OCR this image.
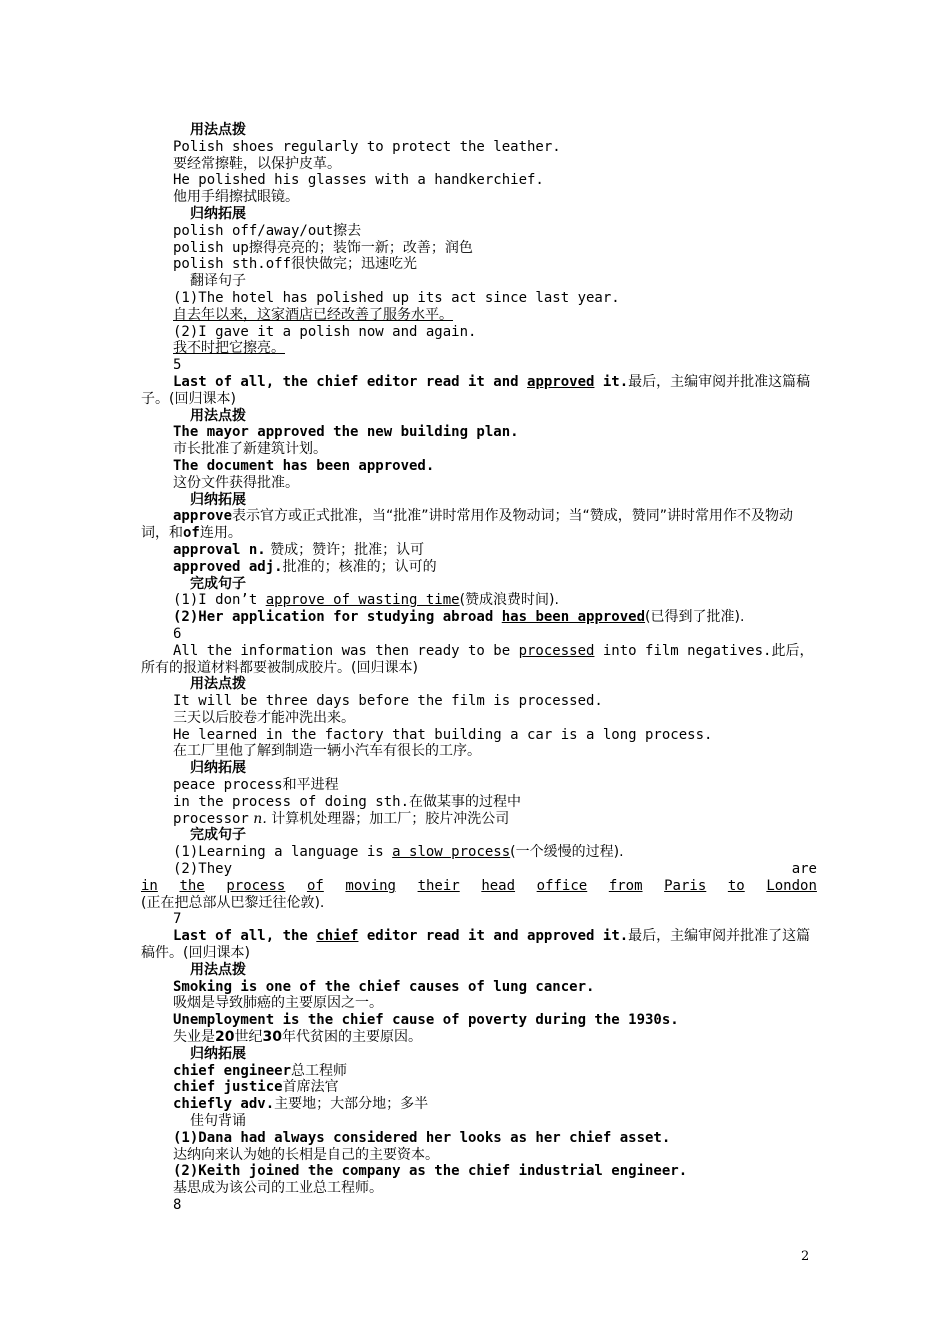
用法点拨
Polish shoes regularly to protect the leather.
要经常擦鞋，以保护皮革。
He polished his glasses with a handkerchief.
他用手绢擦拭眼镜。
归纳拓展
polish off/away/out擦去
polish up擦得亮亮的；装饰一新；改善；润色
polish sth.off很快做完；迅速吃光
翻译句子
(1)The hotel has polished up its act since last year.
自去年以来，这家酒店已经改善了服务水平。
(2)I gave it a polish now and again.
我不时把它擦亮。
5
Last of all, the chief editor read it and approved it.最后，主编审阅并批准这篇稿子。(回归课本)
用法点拨
The mayor approved the new building plan.
市长批准了新建筑计划。
The document has been approved.
这份文件获得批准。
归纳拓展
approve表示官方或正式批准，当“批准”讲时常用作及物动词；当“赞成，赞同”讲时常用作不及物动词，和of连用。
approval n. 赞成；赞许；批准；认可
approved adj.批准的；核准的；认可的
完成句子
(1)I don’t approve of wasting time(赞成浪费时间).
(2)Her application for studying abroad has been approved(已得到了批准).
6
All the information was then ready to be processed into film negatives.此后，所有的报道材料都要被制成胶片。(回归课本)
用法点拨
It will be three days before the film is processed.
三天以后胶卷才能冲洗出来。
He learned in the factory that building a car is a long process.
在工厂里他了解到制造一辆小汽车有很长的工序。
归纳拓展
peace process和平进程
in the process of doing sth.在做某事的过程中
processor n. 计算机处理器；加工厂；胶片冲洗公司
完成句子
(1)Learning a language is a slow process(一个缓慢的过程).
(2)They	are
in the process of moving their head office from Paris to London
(正在把总部从巴黎迁往伦敦).
7
Last of all, the chief editor read it and approved it.最后，主编审阅并批准了这篇稿件。(回归课本)
用法点拨
Smoking is one of the chief causes of lung cancer.
吸烟是导致肺癌的主要原因之一。
Unemployment is the chief cause of poverty during the 1930s.
失业是20世纪30年代贫困的主要原因。
归纳拓展
chief engineer总工程师
chief justice首席法官
chiefly adv.主要地；大部分地；多半
佳句背诵
(1)Dana had always considered her looks as her chief asset.
达纳向来认为她的长相是自己的主要资本。
(2)Keith joined the company as the chief industrial engineer.
基思成为该公司的工业总工程师。
8
2
